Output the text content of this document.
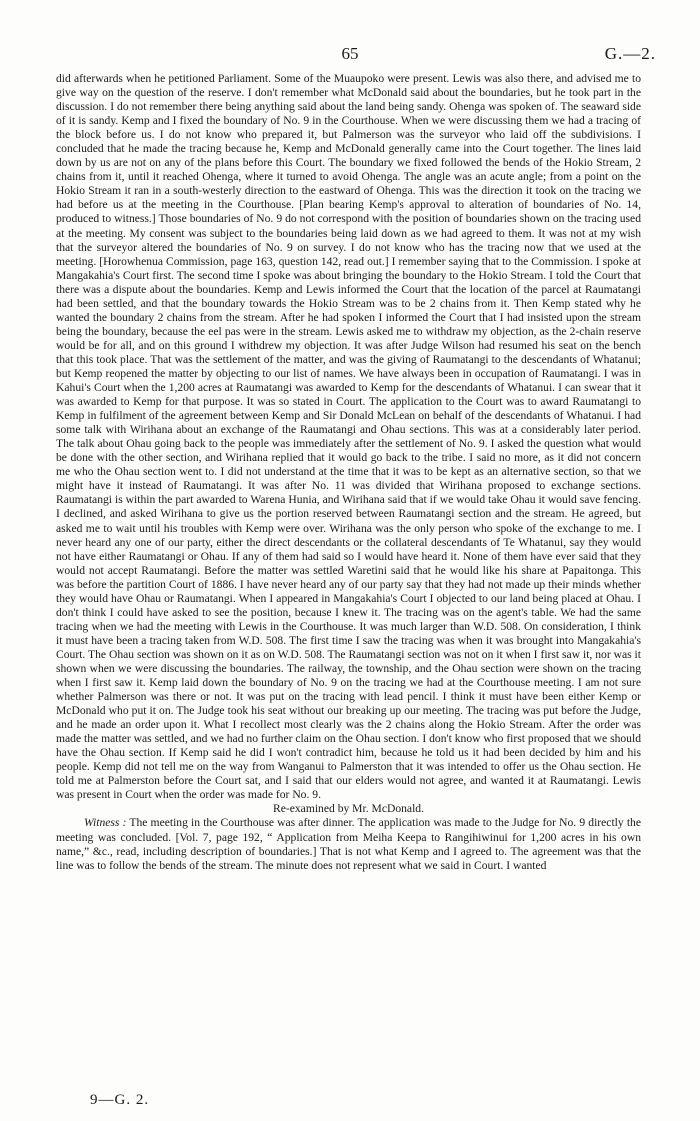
65	G.—2.

did afterwards when he petitioned Parliament. Some of the Muaupoko were present. Lewis was also there, and advised me to give way on the question of the reserve. I don't remember what McDonald said about the boundaries, but he took part in the discussion. I do not remember there being anything said about the land being sandy. Ohenga was spoken of. The seaward side of it is sandy. Kemp and I fixed the boundary of No. 9 in the Courthouse. When we were discussing them we had a tracing of the block before us. I do not know who prepared it, but Palmerson was the surveyor who laid off the subdivisions. I concluded that he made the tracing because he, Kemp and McDonald generally came into the Court together. The lines laid down by us are not on any of the plans before this Court. The boundary we fixed followed the bends of the Hokio Stream, 2 chains from it, until it reached Ohenga, where it turned to avoid Ohenga. The angle was an acute angle; from a point on the Hokio Stream it ran in a south-westerly direction to the eastward of Ohenga. This was the direction it took on the tracing we had before us at the meeting in the Courthouse. [Plan bearing Kemp's approval to alteration of boundaries of No. 14, produced to witness.] Those boundaries of No. 9 do not correspond with the position of boundaries shown on the tracing used at the meeting. My consent was subject to the boundaries being laid down as we had agreed to them. It was not at my wish that the surveyor altered the boundaries of No. 9 on survey. I do not know who has the tracing now that we used at the meeting. [Horowhenua Commission, page 163, question 142, read out.] I remember saying that to the Commission. I spoke at Mangakahia's Court first. The second time I spoke was about bringing the boundary to the Hokio Stream. I told the Court that there was a dispute about the boundaries. Kemp and Lewis informed the Court that the location of the parcel at Raumatangi had been settled, and that the boundary towards the Hokio Stream was to be 2 chains from it. Then Kemp stated why he wanted the boundary 2 chains from the stream. After he had spoken I informed the Court that I had insisted upon the stream being the boundary, because the eel pas were in the stream. Lewis asked me to withdraw my objection, as the 2-chain reserve would be for all, and on this ground I withdrew my objection. It was after Judge Wilson had resumed his seat on the bench that this took place. That was the settlement of the matter, and was the giving of Raumatangi to the descendants of Whatanui; but Kemp reopened the matter by objecting to our list of names. We have always been in occupation of Raumatangi. I was in Kahui's Court when the 1,200 acres at Raumatangi was awarded to Kemp for the descendants of Whatanui. I can swear that it was awarded to Kemp for that purpose. It was so stated in Court. The application to the Court was to award Raumatangi to Kemp in fulfilment of the agreement between Kemp and Sir Donald McLean on behalf of the descendants of Whatanui. I had some talk with Wirihana about an exchange of the Raumatangi and Ohau sections. This was at a considerably later period. The talk about Ohau going back to the people was immediately after the settlement of No. 9. I asked the question what would be done with the other section, and Wirihana replied that it would go back to the tribe. I said no more, as it did not concern me who the Ohau section went to. I did not understand at the time that it was to be kept as an alternative section, so that we might have it instead of Raumatangi. It was after No. 11 was divided that Wirihana proposed to exchange sections. Raumatangi is within the part awarded to Warena Hunia, and Wirihana said that if we would take Ohau it would save fencing. I declined, and asked Wirihana to give us the portion reserved between Raumatangi section and the stream. He agreed, but asked me to wait until his troubles with Kemp were over. Wirihana was the only person who spoke of the exchange to me. I never heard any one of our party, either the direct descendants or the collateral descendants of Te Whatanui, say they would not have either Raumatangi or Ohau. If any of them had said so I would have heard it. None of them have ever said that they would not accept Raumatangi. Before the matter was settled Waretini said that he would like his share at Papaitonga. This was before the partition Court of 1886. I have never heard any of our party say that they had not made up their minds whether they would have Ohau or Raumatangi. When I appeared in Mangakahia's Court I objected to our land being placed at Ohau. I don't think I could have asked to see the position, because I knew it. The tracing was on the agent's table. We had the same tracing when we had the meeting with Lewis in the Courthouse. It was much larger than W.D. 508. On consideration, I think it must have been a tracing taken from W.D. 508. The first time I saw the tracing was when it was brought into Mangakahia's Court. The Ohau section was shown on it as on W.D. 508. The Raumatangi section was not on it when I first saw it, nor was it shown when we were discussing the boundaries. The railway, the township, and the Ohau section were shown on the tracing when I first saw it. Kemp laid down the boundary of No. 9 on the tracing we had at the Courthouse meeting. I am not sure whether Palmerson was there or not. It was put on the tracing with lead pencil. I think it must have been either Kemp or McDonald who put it on. The Judge took his seat without our breaking up our meeting. The tracing was put before the Judge, and he made an order upon it. What I recollect most clearly was the 2 chains along the Hokio Stream. After the order was made the matter was settled, and we had no further claim on the Ohau section. I don't know who first proposed that we should have the Ohau section. If Kemp said he did I won't contradict him, because he told us it had been decided by him and his people. Kemp did not tell me on the way from Wanganui to Palmerston that it was intended to offer us the Ohau section. He told me at Palmerston before the Court sat, and I said that our elders would not agree, and wanted it at Raumatangi. Lewis was present in Court when the order was made for No. 9.

Re-examined by Mr. McDonald.

Witness : The meeting in the Courthouse was after dinner. The application was made to the Judge for No. 9 directly the meeting was concluded. [Vol. 7, page 192, “ Application from Meiha Keepa to Rangihiwinui for 1,200 acres in his own name,” &c., read, including description of boundaries.] That is not what Kemp and I agreed to. The agreement was that the line was to follow the bends of the stream. The minute does not represent what we said in Court. I wanted

9—G. 2.
